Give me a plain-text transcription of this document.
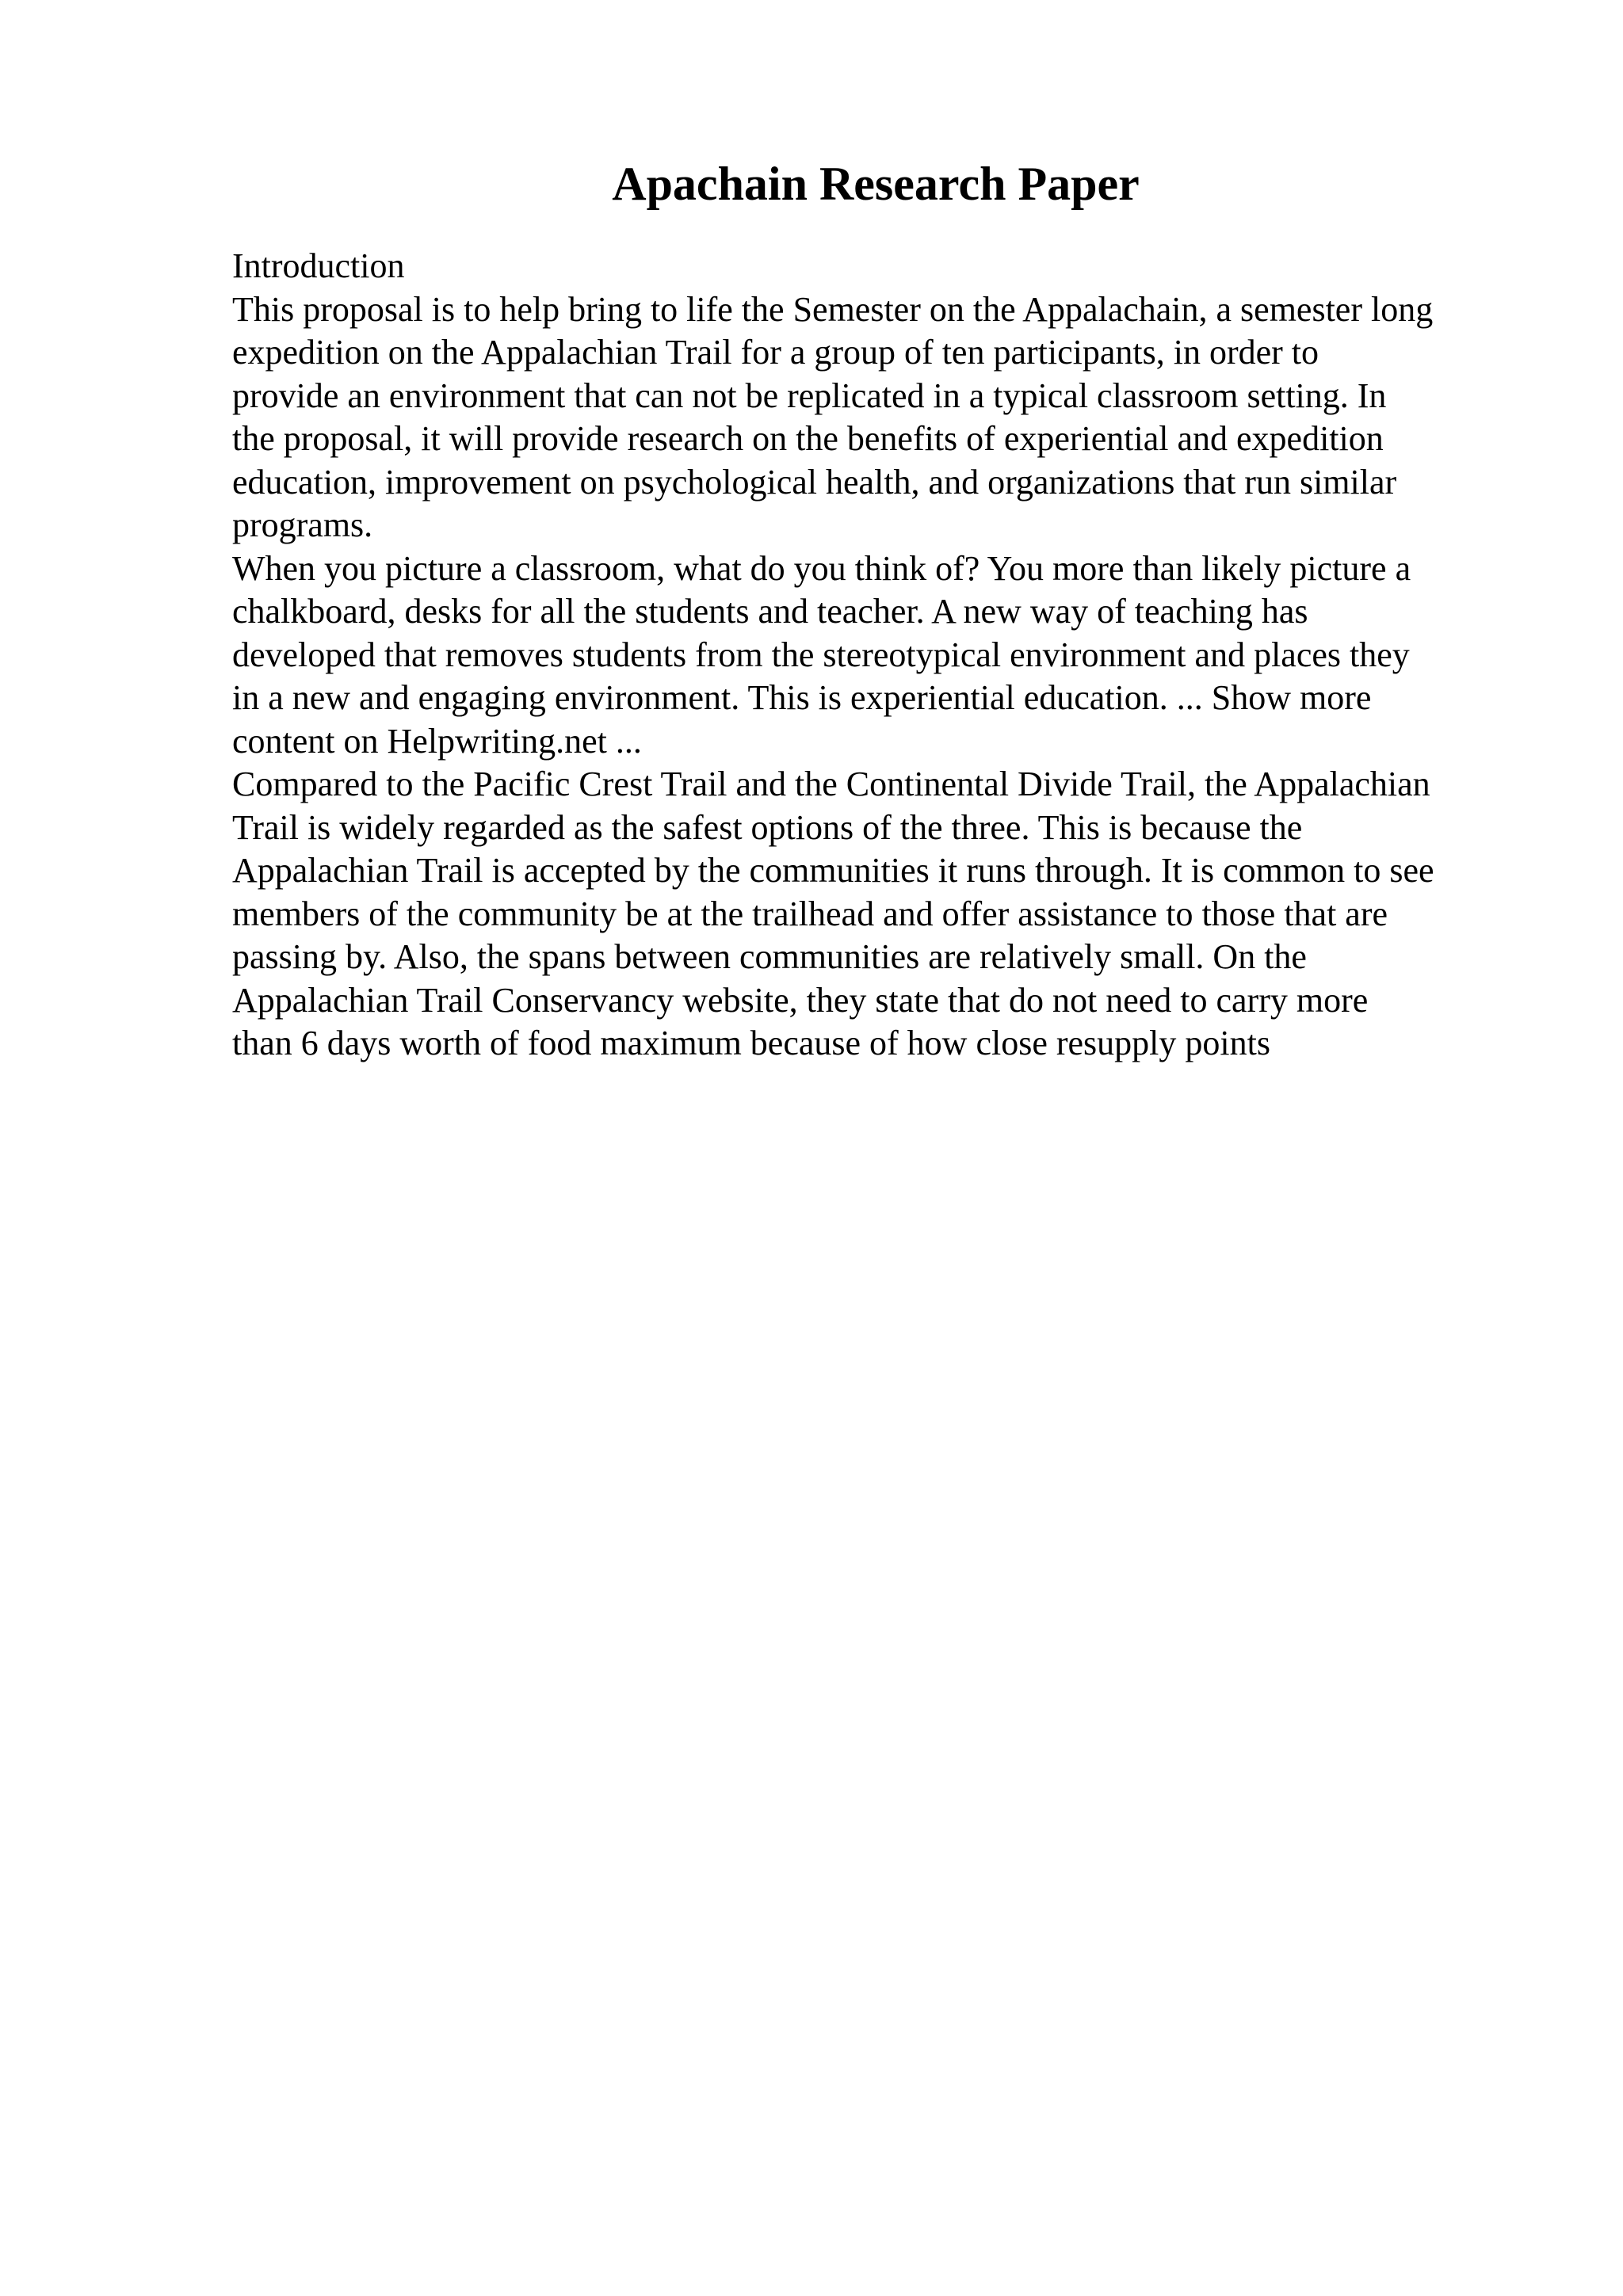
Apachain Research Paper
Introduction
This proposal is to help bring to life the Semester on the Appalachain, a semester long
expedition on the Appalachian Trail for a group of ten participants, in order to
provide an environment that can not be replicated in a typical classroom setting. In
the proposal, it will provide research on the benefits of experiential and expedition
education, improvement on psychological health, and organizations that run similar
programs.
When you picture a classroom, what do you think of? You more than likely picture a
chalkboard, desks for all the students and teacher. A new way of teaching has
developed that removes students from the stereotypical environment and places they
in a new and engaging environment. This is experiential education. ... Show more
content on Helpwriting.net ...
Compared to the Pacific Crest Trail and the Continental Divide Trail, the Appalachian
Trail is widely regarded as the safest options of the three. This is because the
Appalachian Trail is accepted by the communities it runs through. It is common to see
members of the community be at the trailhead and offer assistance to those that are
passing by. Also, the spans between communities are relatively small. On the
Appalachian Trail Conservancy website, they state that do not need to carry more
than 6 days worth of food maximum because of how close resupply points
